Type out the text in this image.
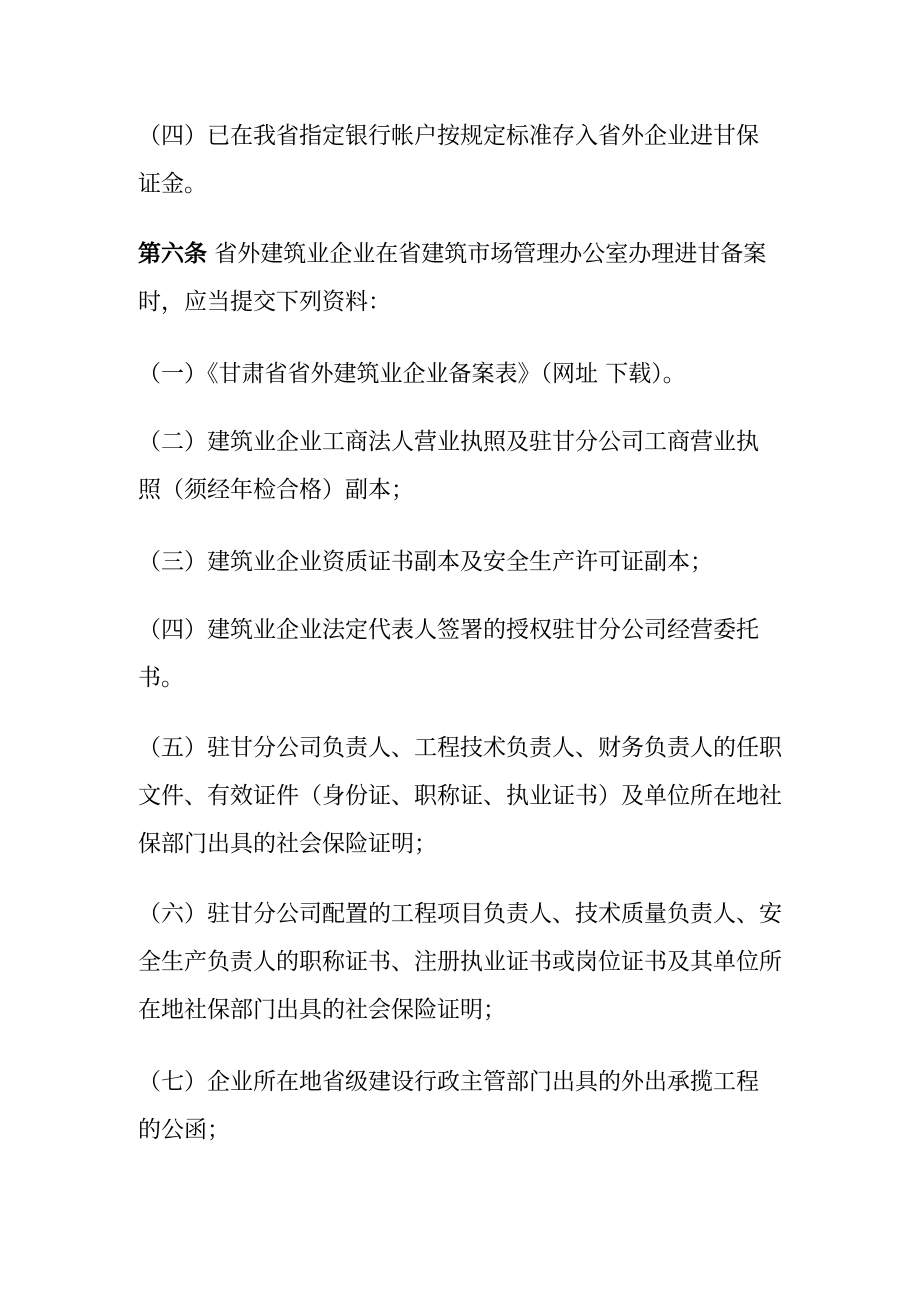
（四）已在我省指定银行帐户按规定标准存入省外企业进甘保
证金。

第六条 省外建筑业企业在省建筑市场管理办公室办理进甘备案
时，应当提交下列资料：

（一）《甘肃省省外建筑业企业备案表》（网址 下载）。

（二）建筑业企业工商法人营业执照及驻甘分公司工商营业执
照（须经年检合格）副本；

（三）建筑业企业资质证书副本及安全生产许可证副本；

（四）建筑业企业法定代表人签署的授权驻甘分公司经营委托
书。

（五）驻甘分公司负责人、工程技术负责人、财务负责人的任职
文件、有效证件（身份证、职称证、执业证书）及单位所在地社
保部门出具的社会保险证明；

（六）驻甘分公司配置的工程项目负责人、技术质量负责人、安
全生产负责人的职称证书、注册执业证书或岗位证书及其单位所
在地社保部门出具的社会保险证明；

（七）企业所在地省级建设行政主管部门出具的外出承揽工程
的公函；
